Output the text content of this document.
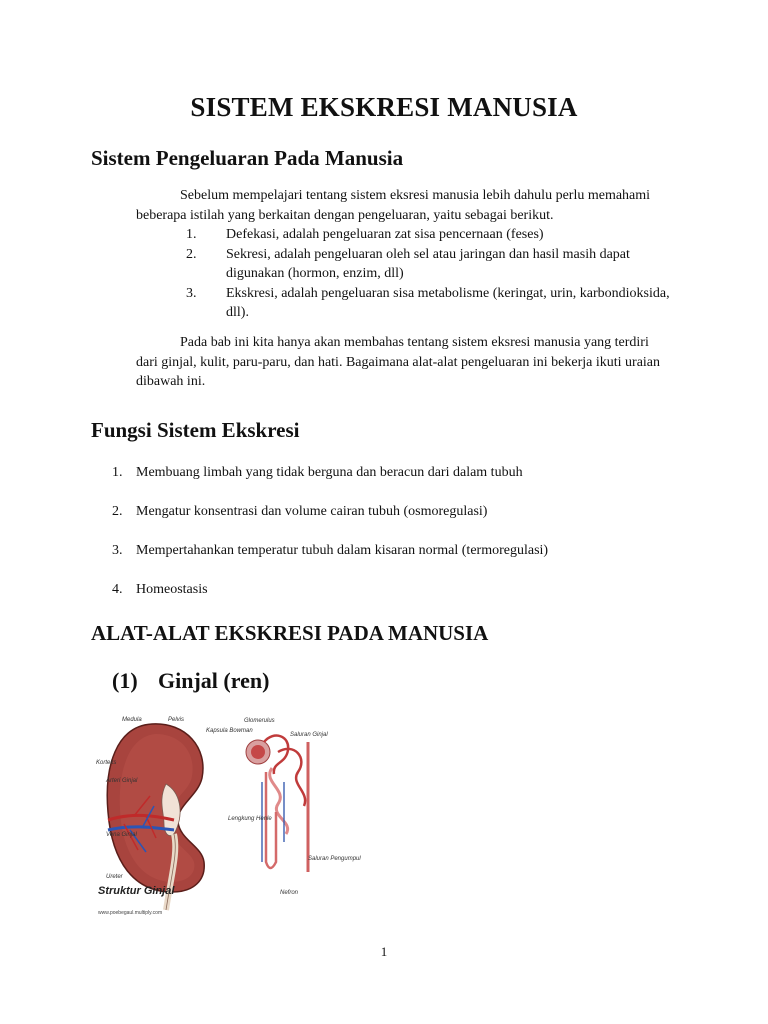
SISTEM EKSKRESI MANUSIA
Sistem Pengeluaran Pada Manusia
Sebelum mempelajari tentang sistem eksresi manusia lebih dahulu perlu memahami beberapa istilah yang berkaitan dengan pengeluaran, yaitu sebagai berikut.
1.	Defekasi, adalah pengeluaran zat sisa pencernaan (feses)
2.	Sekresi, adalah pengeluaran oleh sel atau jaringan dan hasil masih dapat digunakan (hormon, enzim, dll)
3.	Ekskresi, adalah pengeluaran sisa metabolisme (keringat, urin, karbondioksida, dll).
Pada bab ini kita hanya akan membahas tentang sistem eksresi manusia yang terdiri dari ginjal, kulit, paru-paru, dan hati. Bagaimana alat-alat pengeluaran ini bekerja ikuti uraian dibawah ini.
Fungsi Sistem Ekskresi
1. Membuang limbah yang tidak berguna dan beracun dari dalam tubuh
2. Mengatur konsentrasi dan volume cairan tubuh (osmoregulasi)
3. Mempertahankan temperatur tubuh dalam kisaran normal (termoregulasi)
4. Homeostasis
ALAT-ALAT EKSKRESI PADA MANUSIA
(1) Ginjal (ren)
Medula	Pelvis
Korteks
Arteri Ginjal
Vena Ginjal
Ureter
Glomerulus
Kapsula Bowman
Saluran Ginjal
Lengkung Henle
Saluran Pengumpul
Nefron
Struktur Ginjal
www.poebegaul.multiply.com
1
